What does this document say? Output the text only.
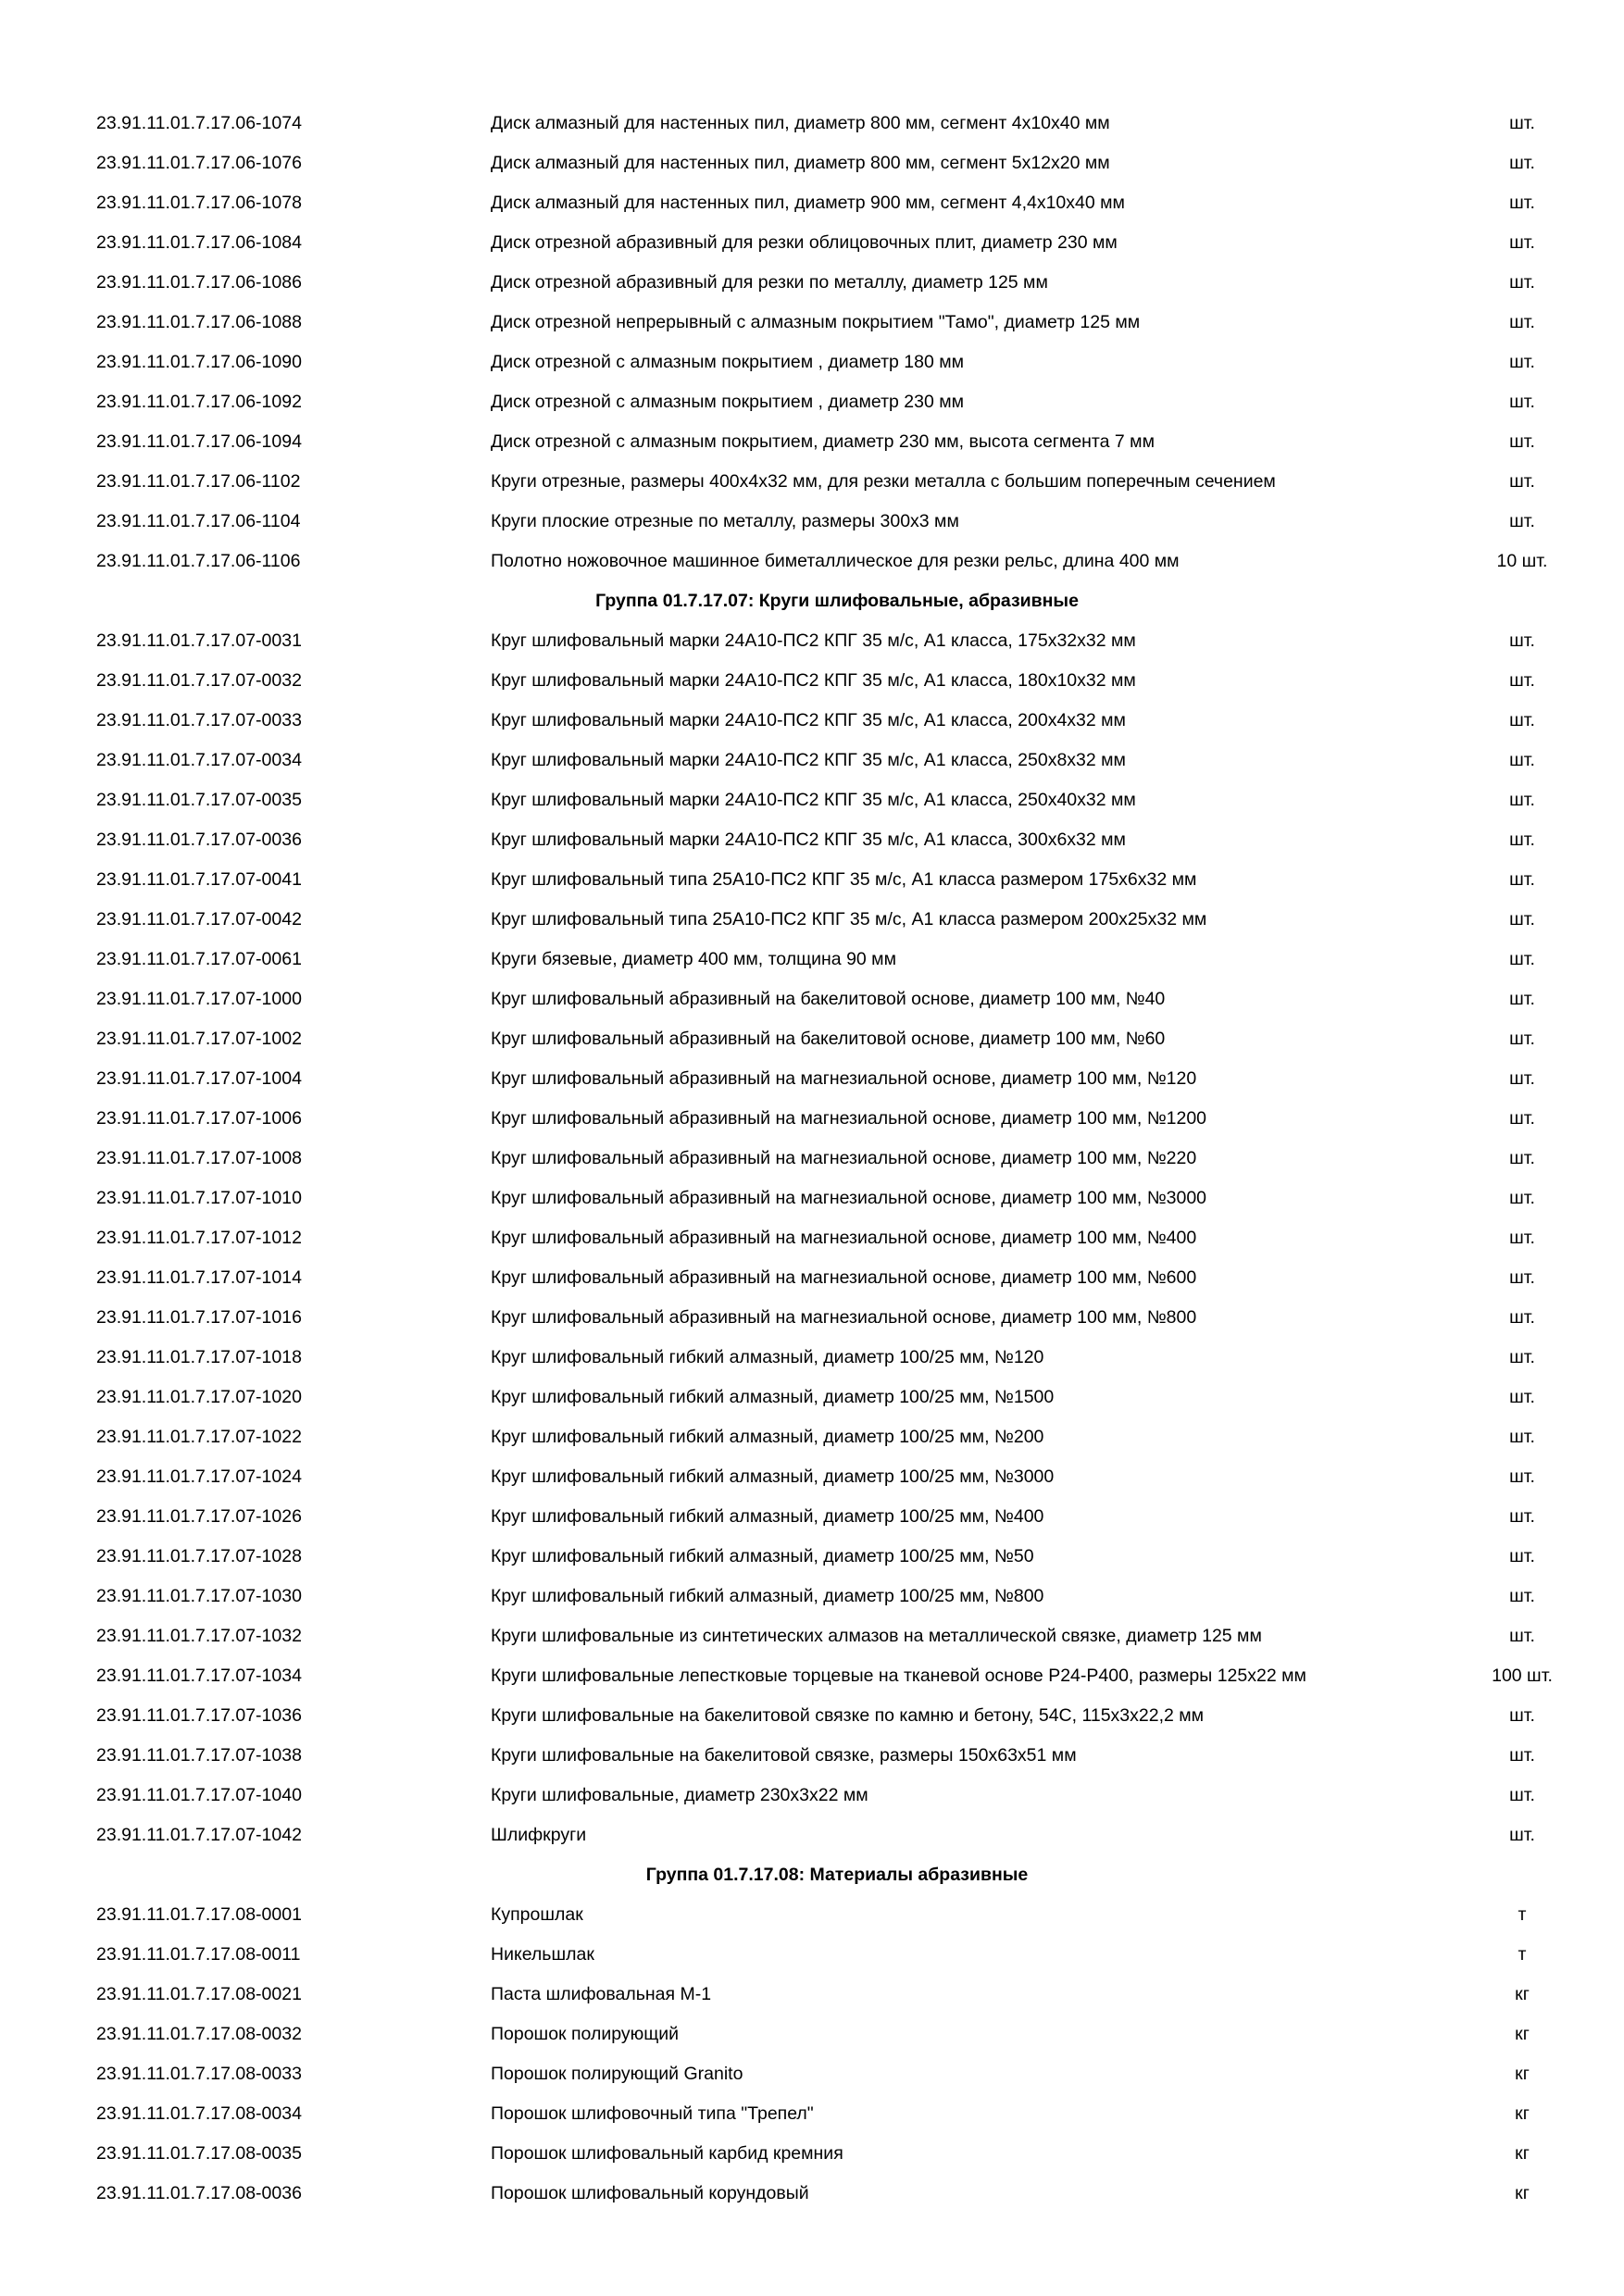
23.91.11.01.7.17.06-1074	Диск алмазный для настенных пил, диаметр 800 мм, сегмент 4х10х40 мм	шт.
23.91.11.01.7.17.06-1076	Диск алмазный для настенных пил, диаметр 800 мм, сегмент 5х12х20 мм	шт.
23.91.11.01.7.17.06-1078	Диск алмазный для настенных пил, диаметр 900 мм, сегмент 4,4х10х40 мм	шт.
23.91.11.01.7.17.06-1084	Диск отрезной абразивный для резки облицовочных плит, диаметр 230 мм	шт.
23.91.11.01.7.17.06-1086	Диск отрезной абразивный для резки по металлу, диаметр 125 мм	шт.
23.91.11.01.7.17.06-1088	Диск отрезной непрерывный с алмазным покрытием "Тамо", диаметр 125 мм	шт.
23.91.11.01.7.17.06-1090	Диск отрезной с алмазным покрытием , диаметр 180 мм	шт.
23.91.11.01.7.17.06-1092	Диск отрезной с алмазным покрытием , диаметр 230 мм	шт.
23.91.11.01.7.17.06-1094	Диск отрезной с алмазным покрытием, диаметр 230 мм, высота сегмента 7 мм	шт.
23.91.11.01.7.17.06-1102	Круги отрезные, размеры 400х4х32 мм, для резки металла с большим поперечным сечением	шт.
23.91.11.01.7.17.06-1104	Круги плоские отрезные по металлу, размеры 300х3 мм	шт.
23.91.11.01.7.17.06-1106	Полотно ножовочное машинное биметаллическое для резки рельс, длина 400 мм	10 шт.
Группа 01.7.17.07: Круги шлифовальные, абразивные
23.91.11.01.7.17.07-0031	Круг шлифовальный марки 24А10-ПС2 КПГ 35 м/с, А1 класса, 175х32х32 мм	шт.
23.91.11.01.7.17.07-0032	Круг шлифовальный марки 24А10-ПС2 КПГ 35 м/с, А1 класса, 180х10х32 мм	шт.
23.91.11.01.7.17.07-0033	Круг шлифовальный марки 24А10-ПС2 КПГ 35 м/с, А1 класса, 200х4х32 мм	шт.
23.91.11.01.7.17.07-0034	Круг шлифовальный марки 24А10-ПС2 КПГ 35 м/с, А1 класса, 250х8х32 мм	шт.
23.91.11.01.7.17.07-0035	Круг шлифовальный марки 24А10-ПС2 КПГ 35 м/с, А1 класса, 250х40х32 мм	шт.
23.91.11.01.7.17.07-0036	Круг шлифовальный марки 24А10-ПС2 КПГ 35 м/с, А1 класса, 300х6х32 мм	шт.
23.91.11.01.7.17.07-0041	Круг шлифовальный типа 25А10-ПС2 КПГ 35 м/с, А1 класса размером 175х6х32 мм	шт.
23.91.11.01.7.17.07-0042	Круг шлифовальный типа 25А10-ПС2 КПГ 35 м/с, А1 класса размером 200х25х32 мм	шт.
23.91.11.01.7.17.07-0061	Круги бязевые, диаметр 400 мм, толщина 90 мм	шт.
23.91.11.01.7.17.07-1000	Круг шлифовальный абразивный на бакелитовой основе, диаметр 100 мм, №40	шт.
23.91.11.01.7.17.07-1002	Круг шлифовальный абразивный на бакелитовой основе, диаметр 100 мм, №60	шт.
23.91.11.01.7.17.07-1004	Круг шлифовальный абразивный на магнезиальной основе, диаметр 100 мм, №120	шт.
23.91.11.01.7.17.07-1006	Круг шлифовальный абразивный на магнезиальной основе, диаметр 100 мм, №1200	шт.
23.91.11.01.7.17.07-1008	Круг шлифовальный абразивный на магнезиальной основе, диаметр 100 мм, №220	шт.
23.91.11.01.7.17.07-1010	Круг шлифовальный абразивный на магнезиальной основе, диаметр 100 мм, №3000	шт.
23.91.11.01.7.17.07-1012	Круг шлифовальный абразивный на магнезиальной основе, диаметр 100 мм, №400	шт.
23.91.11.01.7.17.07-1014	Круг шлифовальный абразивный на магнезиальной основе, диаметр 100 мм, №600	шт.
23.91.11.01.7.17.07-1016	Круг шлифовальный абразивный на магнезиальной основе, диаметр 100 мм, №800	шт.
23.91.11.01.7.17.07-1018	Круг шлифовальный гибкий алмазный, диаметр 100/25 мм, №120	шт.
23.91.11.01.7.17.07-1020	Круг шлифовальный гибкий алмазный, диаметр 100/25 мм, №1500	шт.
23.91.11.01.7.17.07-1022	Круг шлифовальный гибкий алмазный, диаметр 100/25 мм, №200	шт.
23.91.11.01.7.17.07-1024	Круг шлифовальный гибкий алмазный, диаметр 100/25 мм, №3000	шт.
23.91.11.01.7.17.07-1026	Круг шлифовальный гибкий алмазный, диаметр 100/25 мм, №400	шт.
23.91.11.01.7.17.07-1028	Круг шлифовальный гибкий алмазный, диаметр 100/25 мм, №50	шт.
23.91.11.01.7.17.07-1030	Круг шлифовальный гибкий алмазный, диаметр 100/25 мм, №800	шт.
23.91.11.01.7.17.07-1032	Круги шлифовальные из синтетических алмазов на металлической связке, диаметр 125 мм	шт.
23.91.11.01.7.17.07-1034	Круги шлифовальные лепестковые торцевые на тканевой основе Р24-Р400, размеры 125х22 мм	100 шт.
23.91.11.01.7.17.07-1036	Круги шлифовальные на бакелитовой связке по камню и бетону, 54С, 115х3х22,2 мм	шт.
23.91.11.01.7.17.07-1038	Круги шлифовальные на бакелитовой связке, размеры 150х63х51 мм	шт.
23.91.11.01.7.17.07-1040	Круги шлифовальные, диаметр 230х3х22 мм	шт.
23.91.11.01.7.17.07-1042	Шлифкруги	шт.
Группа 01.7.17.08: Материалы абразивные
23.91.11.01.7.17.08-0001	Купрошлак	т
23.91.11.01.7.17.08-0011	Никельшлак	т
23.91.11.01.7.17.08-0021	Паста шлифовальная М-1	кг
23.91.11.01.7.17.08-0032	Порошок полирующий	кг
23.91.11.01.7.17.08-0033	Порошок полирующий Granito	кг
23.91.11.01.7.17.08-0034	Порошок шлифовочный типа "Трепел"	кг
23.91.11.01.7.17.08-0035	Порошок шлифовальный карбид кремния	кг
23.91.11.01.7.17.08-0036	Порошок шлифовальный корундовый	кг
